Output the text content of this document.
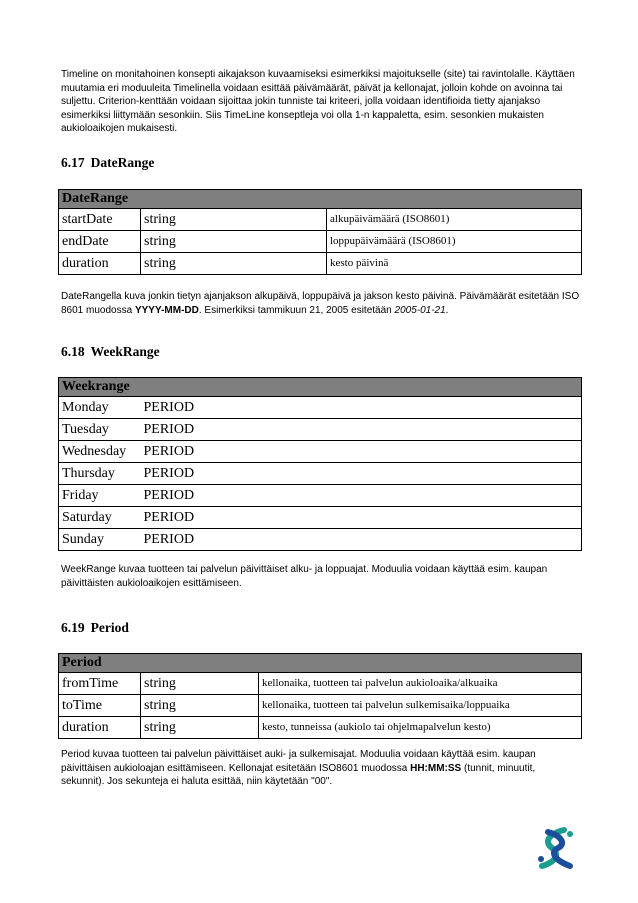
Timeline on monitahoinen konsepti aikajakson kuvaamiseksi esimerkiksi majoitukselle (site) tai ravintolalle. Käyttäen muutamia eri moduuleita Timelinella voidaan esittää päivämäärät, päivät ja kellonajat, jolloin kohde on avoinna tai suljettu. Criterion-kenttään voidaan sijoittaa jokin tunniste tai kriteeri, jolla voidaan identifioida tietty ajanjakso esimerkiksi liittymään sesonkiin. Siis TimeLine konseptleja voi olla 1-n kappaletta, esim. sesonkien mukaisten aukioloaikojen mukaisesti.

6.17 DateRange
DateRange		
startDate	string	alkupäivämäärä (ISO8601)
endDate	string	loppupäivämäärä (ISO8601)
duration	string	kesto päivinä

DateRangella kuva jonkin tietyn ajanjakson alkupäivä, loppupäivä ja jakson kesto päivinä. Päivämäärät esitetään ISO 8601 muodossa YYYY-MM-DD. Esimerkiksi tammikuun 21, 2005 esitetään 2005-01-21.

6.18 WeekRange
Weekrange	
Monday	PERIOD
Tuesday	PERIOD
Wednesday	PERIOD
Thursday	PERIOD
Friday	PERIOD
Saturday	PERIOD
Sunday	PERIOD

WeekRange kuvaa tuotteen tai palvelun päivittäiset alku- ja loppuajat. Moduulia voidaan käyttää esim. kaupan päivittäisten aukioloaikojen esittämiseen.

6.19 Period
Period		
fromTime	string	kellonaika, tuotteen tai palvelun aukioloaika/alkuaika
toTime	string	kellonaika, tuotteen tai palvelun sulkemisaika/loppuaika
duration	string	kesto, tunneissa (aukiolo tai ohjelmapalvelun kesto)

Period kuvaa tuotteen tai palvelun päivittäiset auki- ja sulkemisajat. Moduulia voidaan käyttää esim. kaupan päivittäisen aukioloajan esittämiseen. Kellonajat esitetään ISO8601 muodossa HH:MM:SS (tunnit, minuutit, sekunnit). Jos sekunteja ei haluta esittää, niin käytetään "00".
